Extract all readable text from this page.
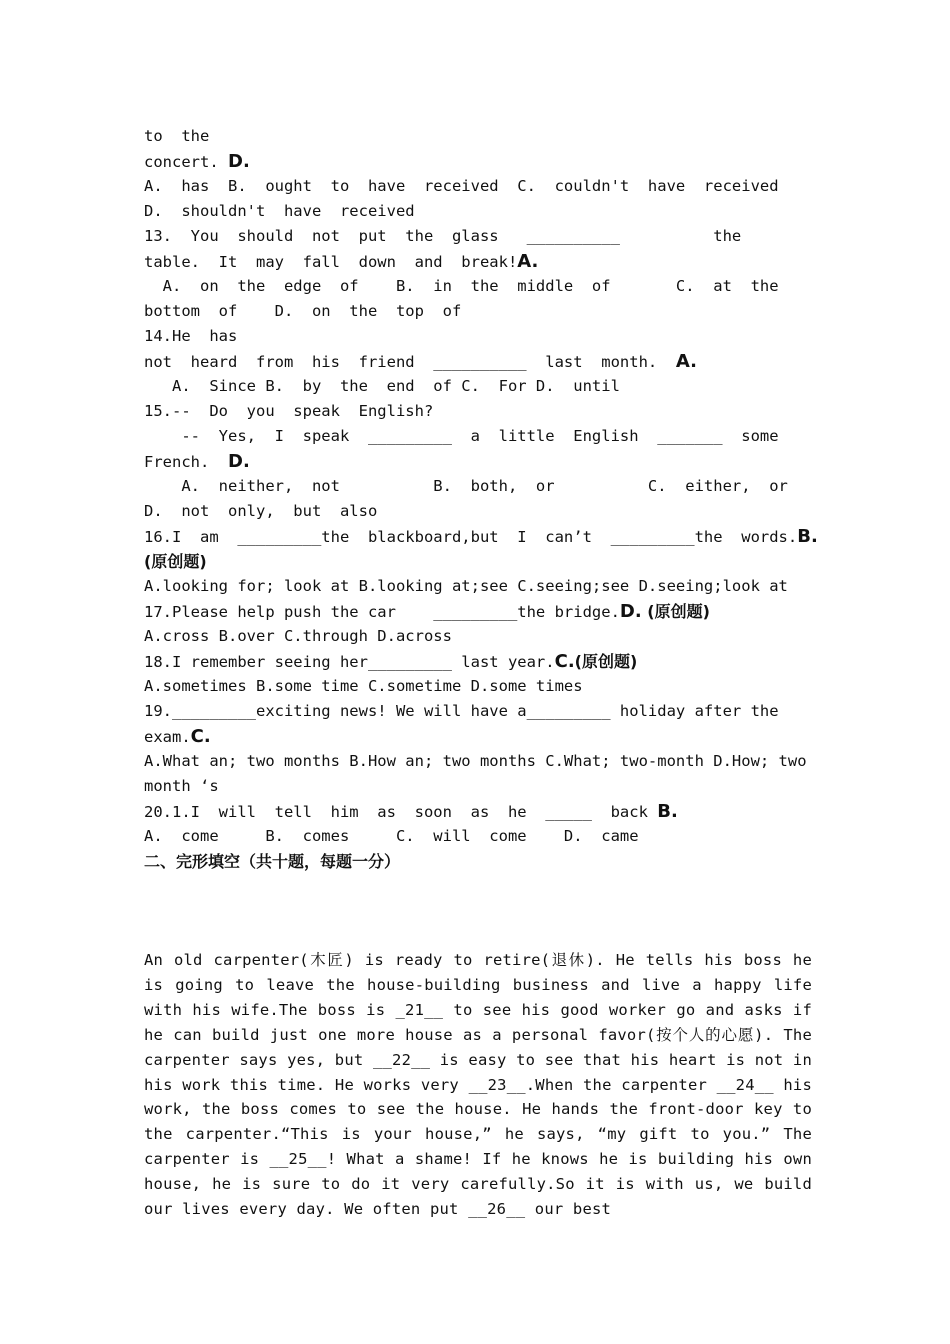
to  the
concert. D.
A.  has  B.  ought  to  have  received  C.  couldn't  have  received
D.  shouldn't  have  received
13.  You  should  not  put  the  glass   __________          the
table.  It  may  fall  down  and  break!A.
A.  on  the  edge  of    B.  in  the  middle  of       C.  at  the
bottom  of    D.  on  the  top  of
14.He  has
not  heard  from  his  friend  __________  last  month.  A.
A.  Since B.  by  the  end  of C.  For D.  until
15.--  Do  you  speak  English?
--  Yes,  I  speak  _________  a  little  English  _______  some
French.  D.
A.  neither,  not          B.  both,  or          C.  either,  or
D.  not  only,  but  also
16.I  am  _________the  blackboard,but  I  can’t  _________the  words.B.
(原创题)
A.looking for; look at B.looking at;see C.seeing;see D.seeing;look at
17.Please help push the car    _________the bridge.D. (原创题)
A.cross B.over C.through D.across
18.I remember seeing her_________ last year.C.(原创题)
A.sometimes B.some time C.sometime D.some times
19._________exciting news! We will have a_________ holiday after the
exam.C.
A.What an; two months B.How an; two months C.What; two-month D.How; two
month ‘s
20.1.I  will  tell  him  as  soon  as  he  _____  back B.
A.  come     B.  comes     C.  will  come    D.  came
二、完形填空（共十题，每题一分）
An old carpenter(木匠) is ready to retire(退休). He tells his boss he is going to leave the house-building business and live a happy life with his wife.The boss is _21__ to see his good worker go and asks if he can build just one more house as a personal favor(按个人的心愿). The carpenter says yes, but __22__ is easy to see that his heart is not in his work this time. He works very __23__.When the carpenter __24__ his work, the boss comes to see the house. He hands the front-door key to the carpenter.“This is your house,” he says, “my gift to you.” The carpenter is __25__! What a shame! If he knows he is building his own house, he is sure to do it very carefully.So it is with us, we build our lives every day. We often put __26__ our best
